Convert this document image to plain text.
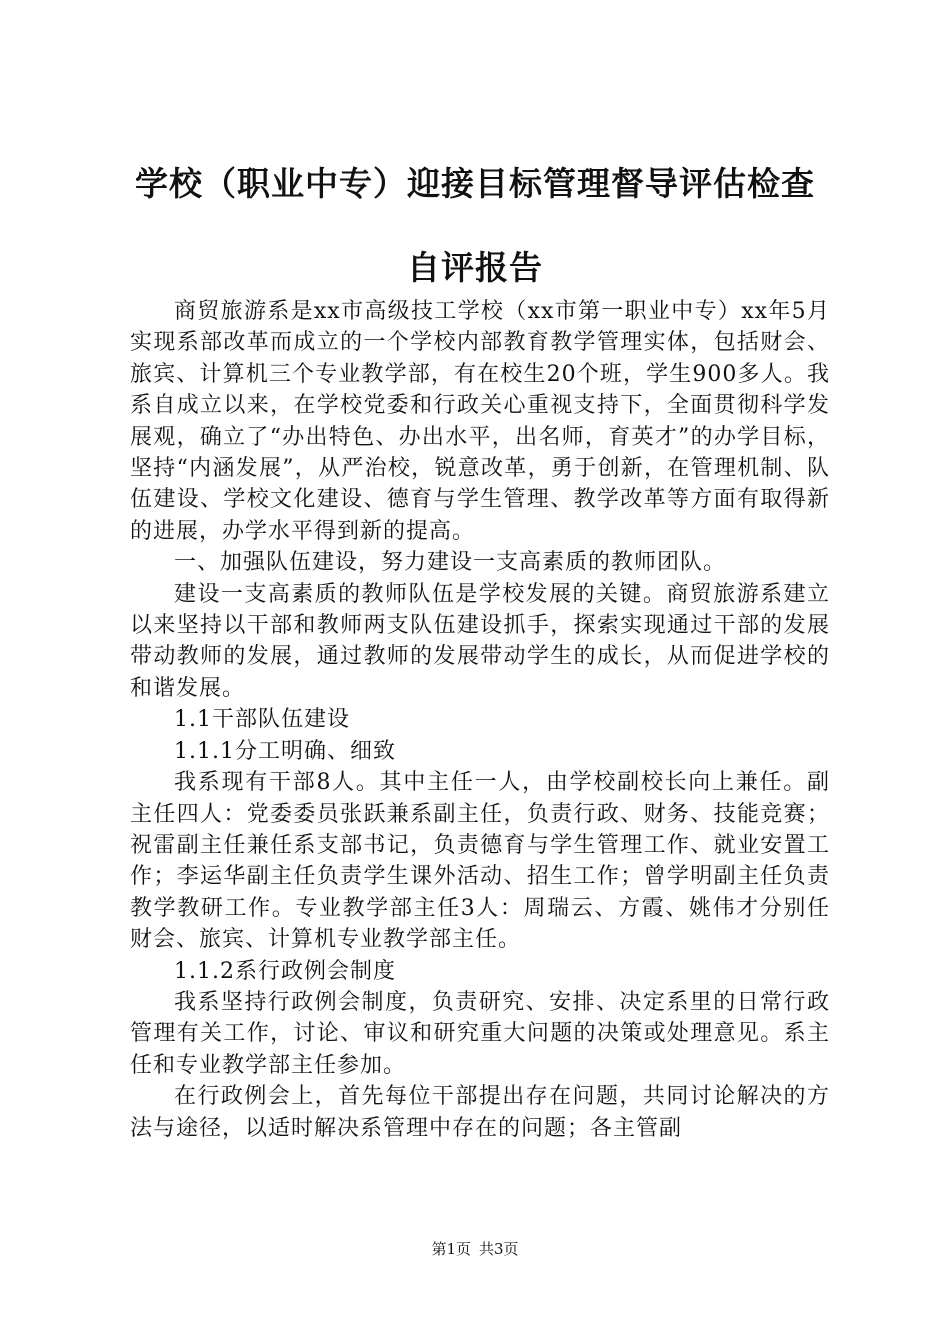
学校（职业中专）迎接目标管理督导评估检查
自评报告

商贸旅游系是xx市高级技工学校（xx市第一职业中专）xx年5月实现系部改革而成立的一个学校内部教育教学管理实体，包括财会、旅宾、计算机三个专业教学部，有在校生20个班，学生900多人。我系自成立以来，在学校党委和行政关心重视支持下，全面贯彻科学发展观，确立了“办出特色、办出水平，出名师，育英才”的办学目标，坚持“内涵发展”，从严治校，锐意改革，勇于创新，在管理机制、队伍建设、学校文化建设、德育与学生管理、教学改革等方面有取得新的进展，办学水平得到新的提高。

一、加强队伍建设，努力建设一支高素质的教师团队。

建设一支高素质的教师队伍是学校发展的关键。商贸旅游系建立以来坚持以干部和教师两支队伍建设抓手，探索实现通过干部的发展带动教师的发展，通过教师的发展带动学生的成长，从而促进学校的和谐发展。

1.1干部队伍建设

1.1.1分工明确、细致

我系现有干部8人。其中主任一人，由学校副校长向上兼任。副主任四人：党委委员张跃兼系副主任，负责行政、财务、技能竞赛；祝雷副主任兼任系支部书记，负责德育与学生管理工作、就业安置工作；李运华副主任负责学生课外活动、招生工作；曾学明副主任负责教学教研工作。专业教学部主任3人：周瑞云、方霞、姚伟才分别任财会、旅宾、计算机专业教学部主任。

1.1.2系行政例会制度

我系坚持行政例会制度，负责研究、安排、决定系里的日常行政管理有关工作，讨论、审议和研究重大问题的决策或处理意见。系主任和专业教学部主任参加。

在行政例会上，首先每位干部提出存在问题，共同讨论解决的方法与途径，以适时解决系管理中存在的问题；各主管副

第1页 共3页
